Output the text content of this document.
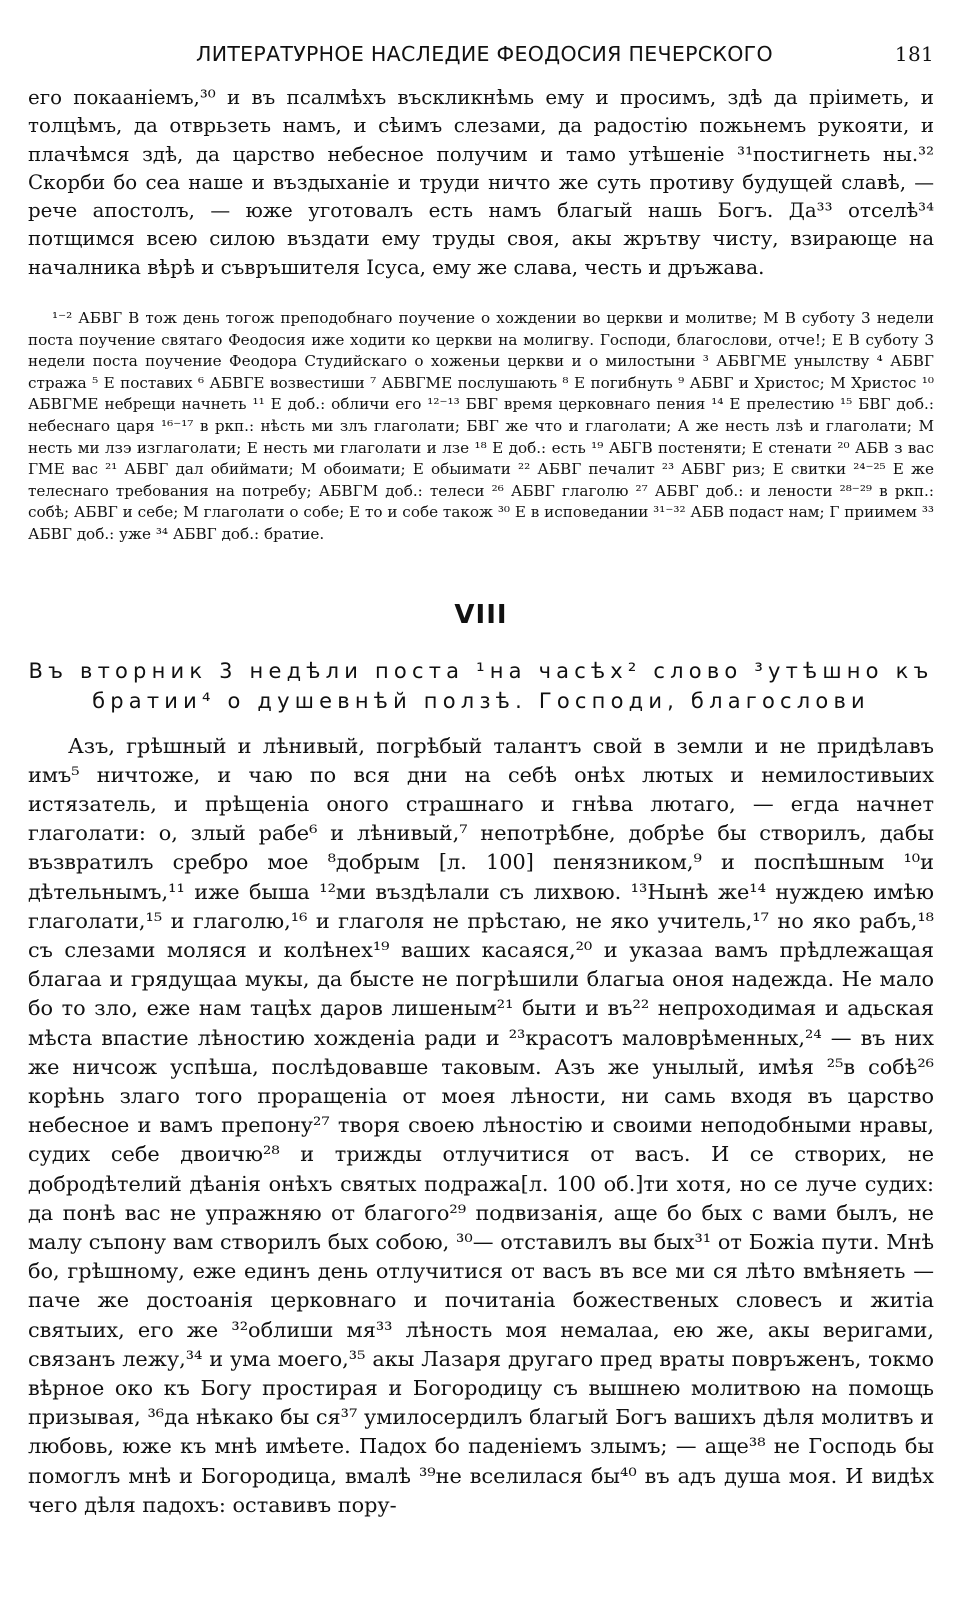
ЛИТЕРАТУРНОЕ НАСЛЕДИЕ ФЕОДОСИЯ ПЕЧЕРСКОГО	181

его покааніемъ,³⁰ и въ псалмѣхъ въскликнѣмь ему и просимъ, здѣ да пріиметь, и толцѣмъ, да отврьзеть намъ, и сѣимъ слезами, да радостію пожьнемъ рукояти, и плачѣмся здѣ, да царство небесное получим и тамо утѣшеніе ³¹постигнеть ны.³² Скорби бо сеа наше и въздыханіе и труди ничто же суть противу будущей славѣ, — рече апостолъ, — юже уготовалъ есть намъ благый нашь Богъ. Да³³ отселѣ³⁴ потщимся всею силою въздати ему труды своя, акы жрътву чисту, взирающе на началника вѣрѣ и съвръшителя Ісуса, ему же слава, честь и дръжава.

¹⁻² АБВГ В тож день тогож преподобнаго поучение о хождении во церкви и молитве; М В суботу 3 недели поста поучение святаго Феодосия иже ходити ко церкви на молигву. Господи, благослови, отче!; Е В суботу 3 недели поста поучение Феодора Студийскаго о хоженьи церкви и о милостыни ³ АБВГМЕ унылству ⁴ АБВГ стража ⁵ Е поставих ⁶ АБВГЕ возвестиши ⁷ АБВГМЕ послушають ⁸ Е погибнуть ⁹ АБВГ и Христос; М Христос ¹⁰ АБВГМЕ небрещи начнеть ¹¹ Е доб.: обличи его ¹²⁻¹³ БВГ время церковнаго пения ¹⁴ Е прелестию ¹⁵ БВГ доб.: небеснаго царя ¹⁶⁻¹⁷ в ркп.: нѣсть ми злъ глаголати; БВГ же что и глаголати; А же несть лзѣ и глаголати; М несть ми лзэ изглаголати; Е несть ми глаголати и лзе ¹⁸ Е доб.: есть ¹⁹ АБГВ постеняти; Е стенати ²⁰ АБВ з вас ГМЕ вас ²¹ АБВГ дал обиймати; М обоимати; Е обыимати ²² АБВГ печалит ²³ АБВГ риз; Е свитки ²⁴⁻²⁵ Е же телеснаго требования на потребу; АБВГМ доб.: телеси ²⁶ АБВГ глаголю ²⁷ АБВГ доб.: и лености ²⁸⁻²⁹ в ркп.: собѣ; АБВГ и себе; М глаголати о собе; Е то и собе також ³⁰ Е в исповедании ³¹⁻³² АБВ подаст нам; Г приимем ³³ АБВГ доб.: уже ³⁴ АБВГ доб.: братие.

VIII
Въ вторник 3 недѣли поста ¹на часѣх² слово ³утѣшно къ братии⁴ о душевнѣй ползѣ. Господи, благослови

Азъ, грѣшный и лѣнивый, погрѣбый талантъ свой в земли и не придѣлавъ имъ⁵ ничтоже, и чаю по вся дни на себѣ онѣх лютых и немилостивыих истязатель, и прѣщеніа оного страшнаго и гнѣва лютаго, — егда начнет глаголати: о, злый рабе⁶ и лѣнивый,⁷ непотрѣбне, добрѣе бы створилъ, дабы възвратилъ сребро мое ⁸добрым [л. 100] пенязником,⁹ и поспѣшным ¹⁰и дѣтельнымъ,¹¹ иже быша ¹²ми въздѣлали съ лихвою. ¹³Нынѣ же¹⁴ нуждею имѣю глаголати,¹⁵ и глаголю,¹⁶ и глаголя не прѣстаю, не яко учитель,¹⁷ но яко рабъ,¹⁸ съ слезами моляся и колѣнех¹⁹ ваших касаяся,²⁰ и указаа вамъ прѣдлежащая благаа и грядущаа мукы, да бысте не погрѣшили благыа оноя надежда. Не мало бо то зло, еже нам тацѣх даров лишеным²¹ быти и въ²² непроходимая и адьская мѣста впастие лѣностию хожденіа ради и ²³красотъ маловрѣменных,²⁴ — въ них же ничсож успѣша, послѣдовавше таковым. Азъ же унылый, имѣя ²⁵в собѣ²⁶ корѣнь злаго того проращеніа от моея лѣности, ни самь входя въ царство небесное и вамъ препону²⁷ творя своею лѣностію и своими неподобными нравы, судих себе двоичю²⁸ и трижды отлучитися от васъ. И се створих, не добродѣтелий дѣанія онѣхъ святых подража[л. 100 об.]ти хотя, но се луче судих: да понѣ вас не упражняю от благого²⁹ подвизанія, аще бо бых с вами былъ, не малу съпону вам створилъ бых собою, ³⁰— отставилъ вы бых³¹ от Божіа пути. Мнѣ бо, грѣшному, еже единъ день отлучитися от васъ въ все ми ся лѣто вмѣняеть — паче же достоанія церковнаго и почитаніа божественых словесъ и житіа святыих, его же ³²облиши мя³³ лѣность моя немалаа, ею же, акы веригами, связанъ лежу,³⁴ и ума моего,³⁵ акы Лазаря другаго пред враты повръженъ, токмо вѣрное око къ Богу простирая и Богородицу съ вышнею молитвою на помощь призывая, ³⁶да нѣкако бы ся³⁷ умилосердилъ благый Богъ вашихъ дѣля молитвъ и любовь, юже къ мнѣ имѣете. Падох бо паденіемъ злымъ; — аще³⁸ не Господь бы помоглъ мнѣ и Богородица, вмалѣ ³⁹не вселилася бы⁴⁰ въ адъ душа моя. И видѣх чего дѣля падохъ: оставивъ пору-
